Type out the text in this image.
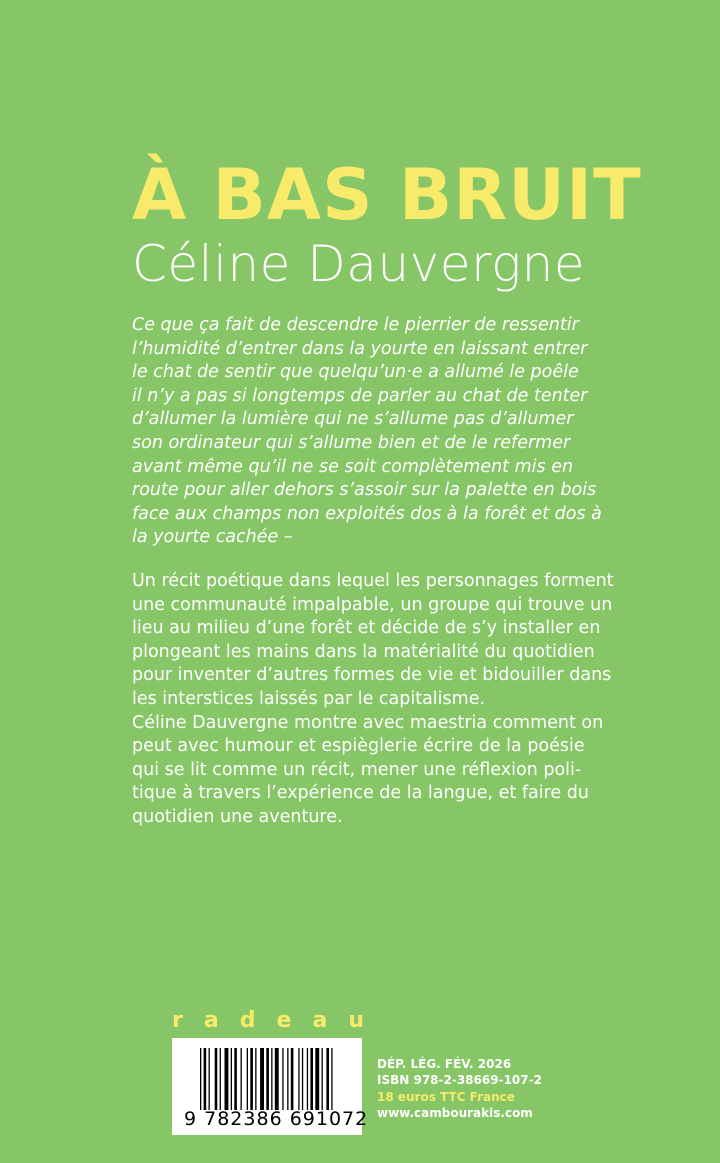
À BAS BRUIT
Céline Dauvergne
Ce que ça fait de descendre le pierrier de ressentir
l’humidité d’entrer dans la yourte en laissant entrer
le chat de sentir que quelqu’un·e a allumé le poêle
il n’y a pas si longtemps de parler au chat de tenter
d’allumer la lumière qui ne s’allume pas d’allumer
son ordinateur qui s’allume bien et de le refermer
avant même qu’il ne se soit complètement mis en
route pour aller dehors s’assoir sur la palette en bois
face aux champs non exploités dos à la forêt et dos à
la yourte cachée –
Un récit poétique dans lequel les personnages forment
une communauté impalpable, un groupe qui trouve un
lieu au milieu d’une forêt et décide de s’y installer en
plongeant les mains dans la matérialité du quotidien
pour inventer d’autres formes de vie et bidouiller dans
les interstices laissés par le capitalisme.
Céline Dauvergne montre avec maestria comment on
peut avec humour et espièglerie écrire de la poésie
qui se lit comme un récit, mener une réflexion poli-
tique à travers l’expérience de la langue, et faire du
quotidien une aventure.
r a d e a u
9 782386 691072
DÉP. LÉG. FÉV. 2026
ISBN 978-2-38669-107-2
18 euros TTC France
www.cambourakis.com
